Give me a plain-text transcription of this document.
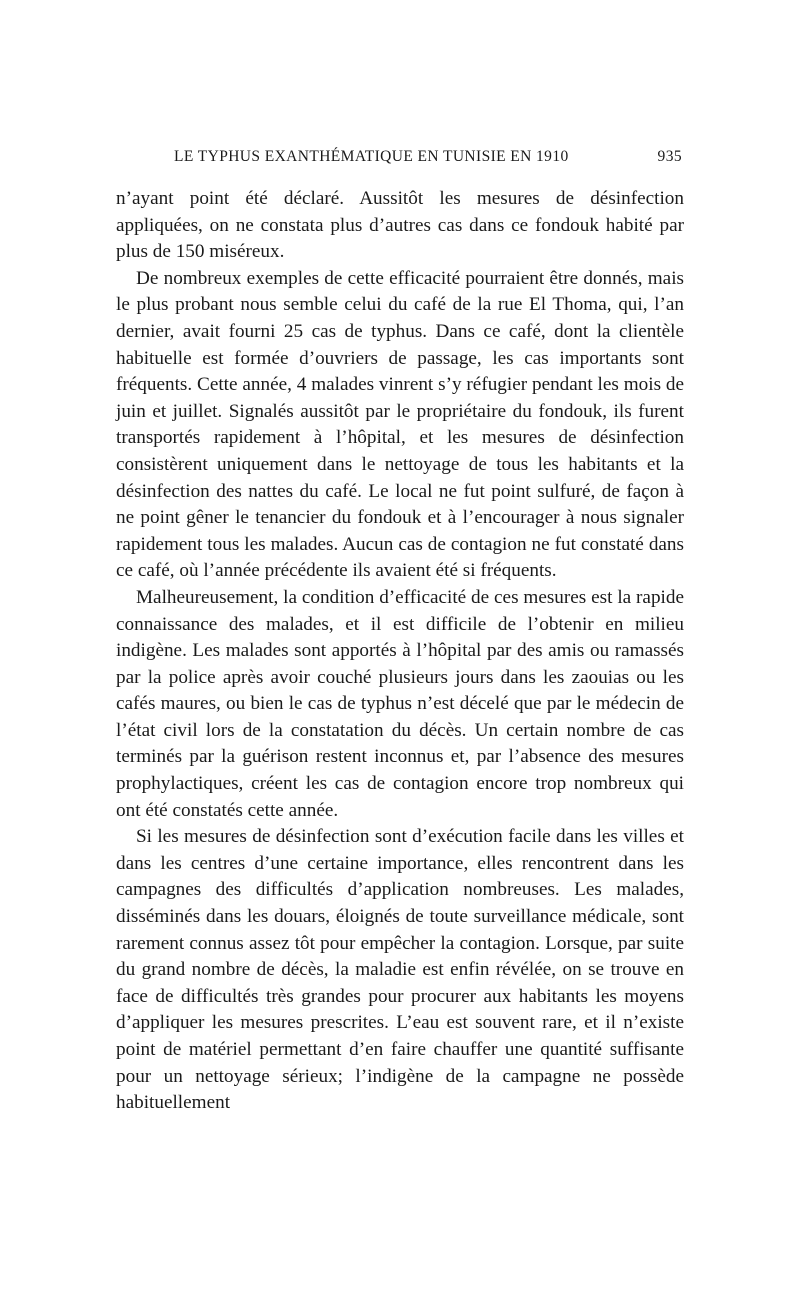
LE TYPHUS EXANTHÉMATIQUE EN TUNISIE EN 1910	935

n’ayant point été déclaré. Aussitôt les mesures de désinfection appliquées, on ne constata plus d’autres cas dans ce fondouk habité par plus de 150 miséreux.

De nombreux exemples de cette efficacité pourraient être donnés, mais le plus probant nous semble celui du café de la rue El Thoma, qui, l’an dernier, avait fourni 25 cas de typhus. Dans ce café, dont la clientèle habituelle est formée d’ouvriers de passage, les cas importants sont fréquents. Cette année, 4 malades vinrent s’y réfugier pendant les mois de juin et juillet. Signalés aussitôt par le propriétaire du fondouk, ils furent transportés rapidement à l’hôpital, et les mesures de désinfection consistèrent uniquement dans le nettoyage de tous les habitants et la désinfection des nattes du café. Le local ne fut point sulfuré, de façon à ne point gêner le tenancier du fondouk et à l’encourager à nous signaler rapidement tous les malades. Aucun cas de contagion ne fut constaté dans ce café, où l’année précédente ils avaient été si fréquents.

Malheureusement, la condition d’efficacité de ces mesures est la rapide connaissance des malades, et il est difficile de l’obtenir en milieu indigène. Les malades sont apportés à l’hôpital par des amis ou ramassés par la police après avoir couché plusieurs jours dans les zaouias ou les cafés maures, ou bien le cas de typhus n’est décelé que par le médecin de l’état civil lors de la constatation du décès. Un certain nombre de cas terminés par la guérison restent inconnus et, par l’absence des mesures prophylactiques, créent les cas de contagion encore trop nombreux qui ont été constatés cette année.

Si les mesures de désinfection sont d’exécution facile dans les villes et dans les centres d’une certaine importance, elles rencontrent dans les campagnes des difficultés d’application nombreuses. Les malades, disséminés dans les douars, éloignés de toute surveillance médicale, sont rarement connus assez tôt pour empêcher la contagion. Lorsque, par suite du grand nombre de décès, la maladie est enfin révélée, on se trouve en face de difficultés très grandes pour procurer aux habitants les moyens d’appliquer les mesures prescrites. L’eau est souvent rare, et il n’existe point de matériel permettant d’en faire chauffer une quantité suffisante pour un nettoyage sérieux; l’indigène de la campagne ne possède habituellement
